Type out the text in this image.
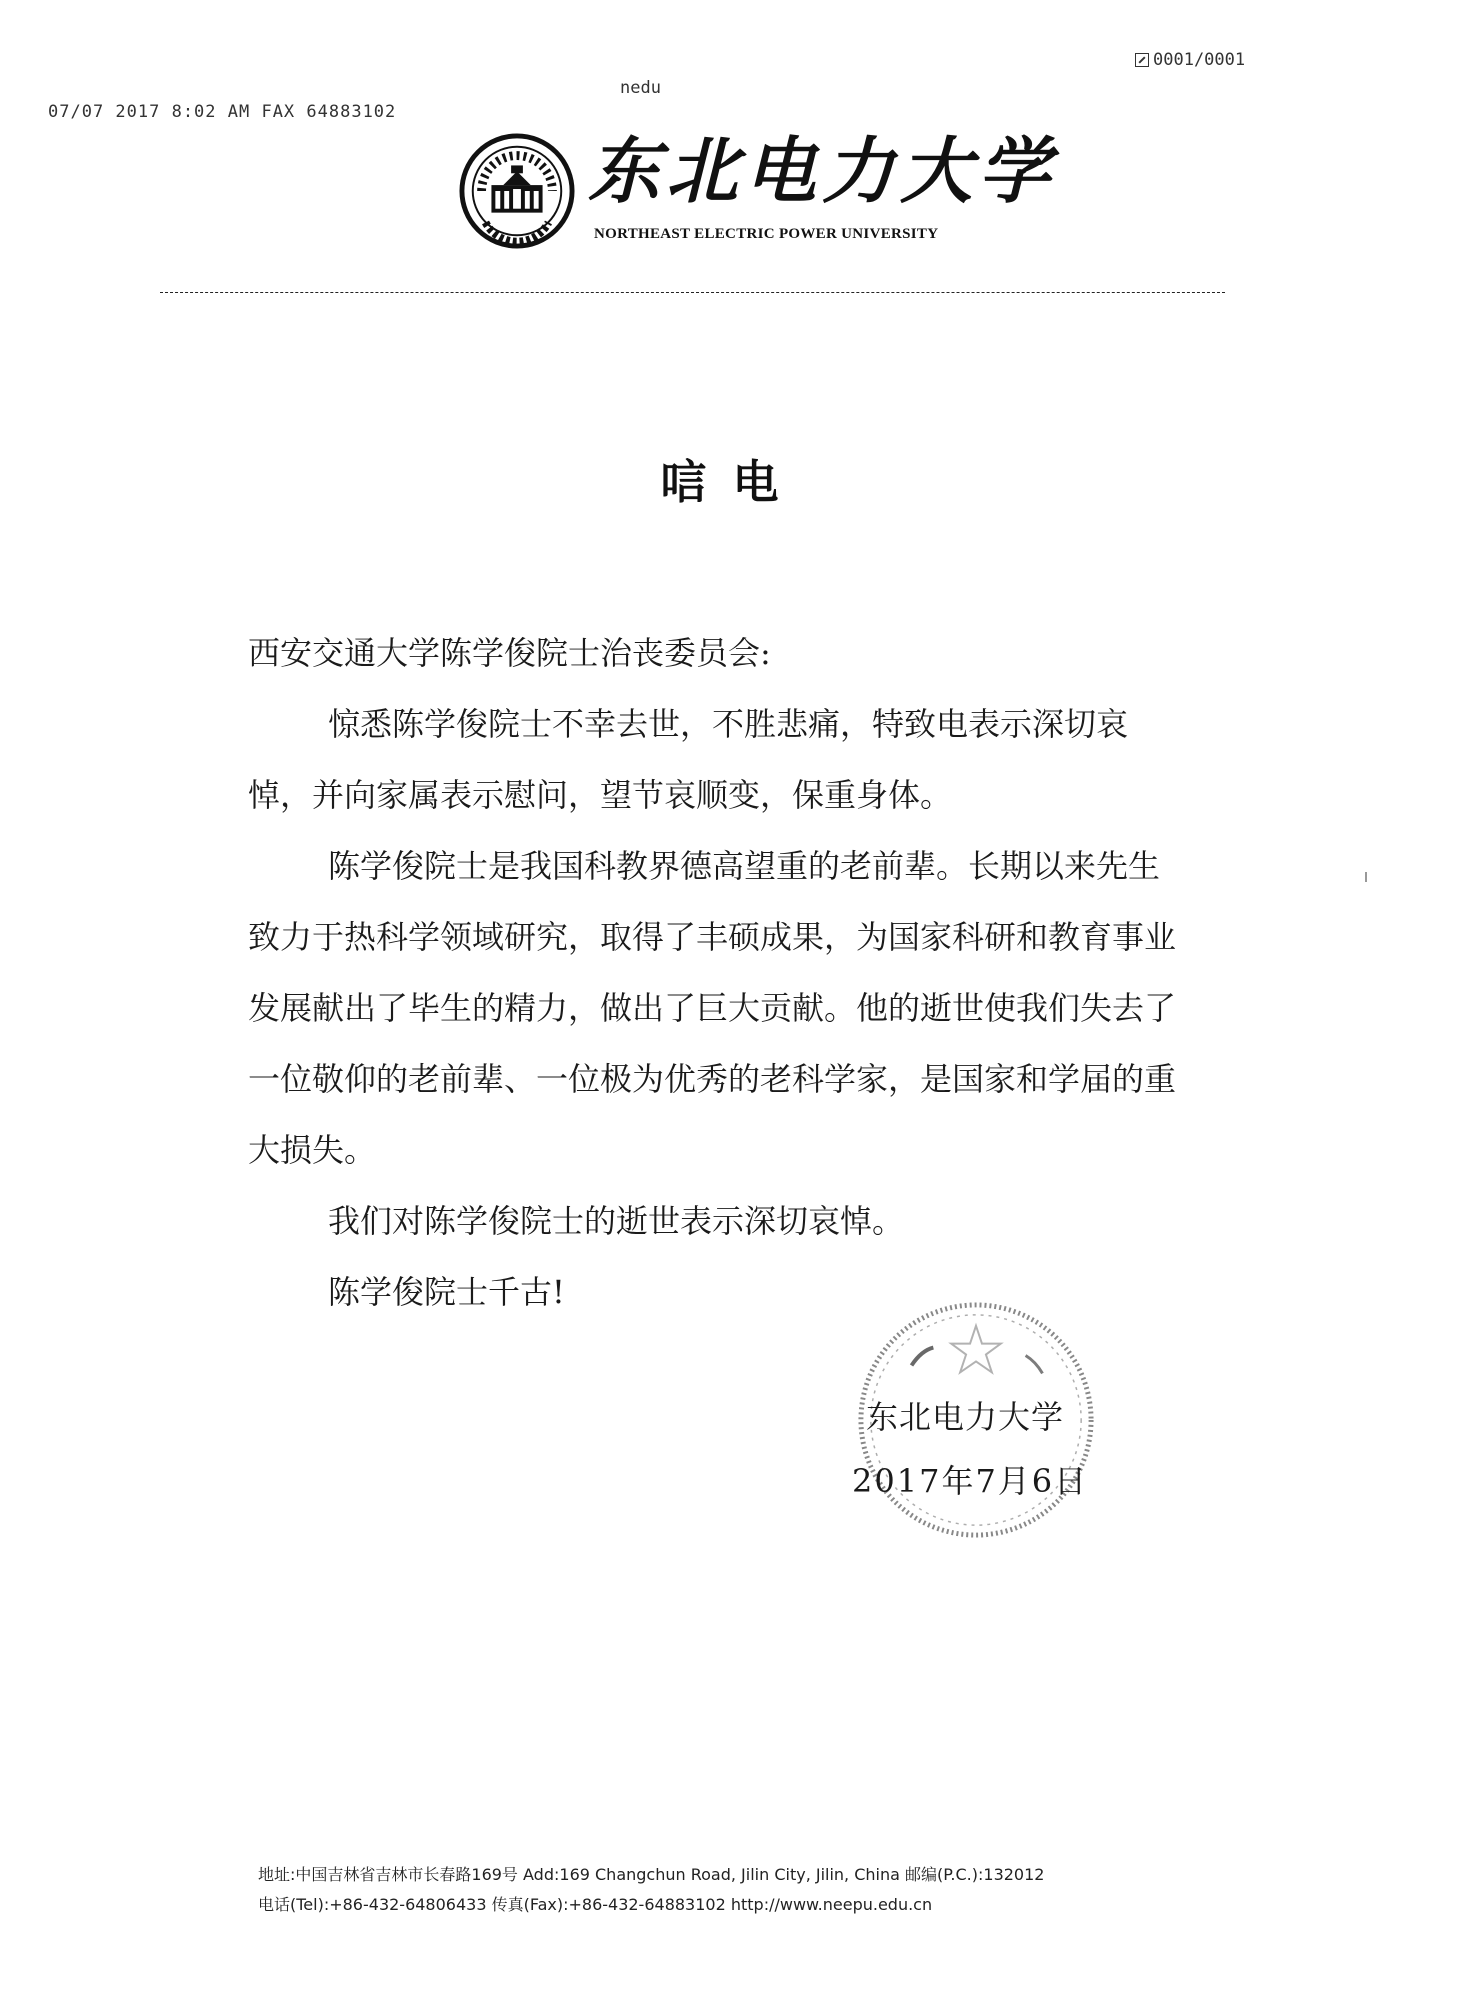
07/07 2017 8:02 AM FAX 64883102
nedu
0001/0001
东北电力大学
NORTHEAST ELECTRIC POWER UNIVERSITY
唁电

西安交通大学陈学俊院士治丧委员会:

惊悉陈学俊院士不幸去世，不胜悲痛，特致电表示深切哀悼，并向家属表示慰问，望节哀顺变，保重身体。

陈学俊院士是我国科教界德高望重的老前辈。长期以来先生致力于热科学领域研究，取得了丰硕成果，为国家科研和教育事业发展献出了毕生的精力，做出了巨大贡献。他的逝世使我们失去了一位敬仰的老前辈、一位极为优秀的老科学家，是国家和学届的重大损失。

我们对陈学俊院士的逝世表示深切哀悼。

陈学俊院士千古!

东北电力大学
2017年7月6日
地址:中国吉林省吉林市长春路169号 Add:169 Changchun Road, Jilin City, Jilin, China 邮编(P.C.):132012
电话(Tel):+86-432-64806433 传真(Fax):+86-432-64883102 http://www.neepu.edu.cn
